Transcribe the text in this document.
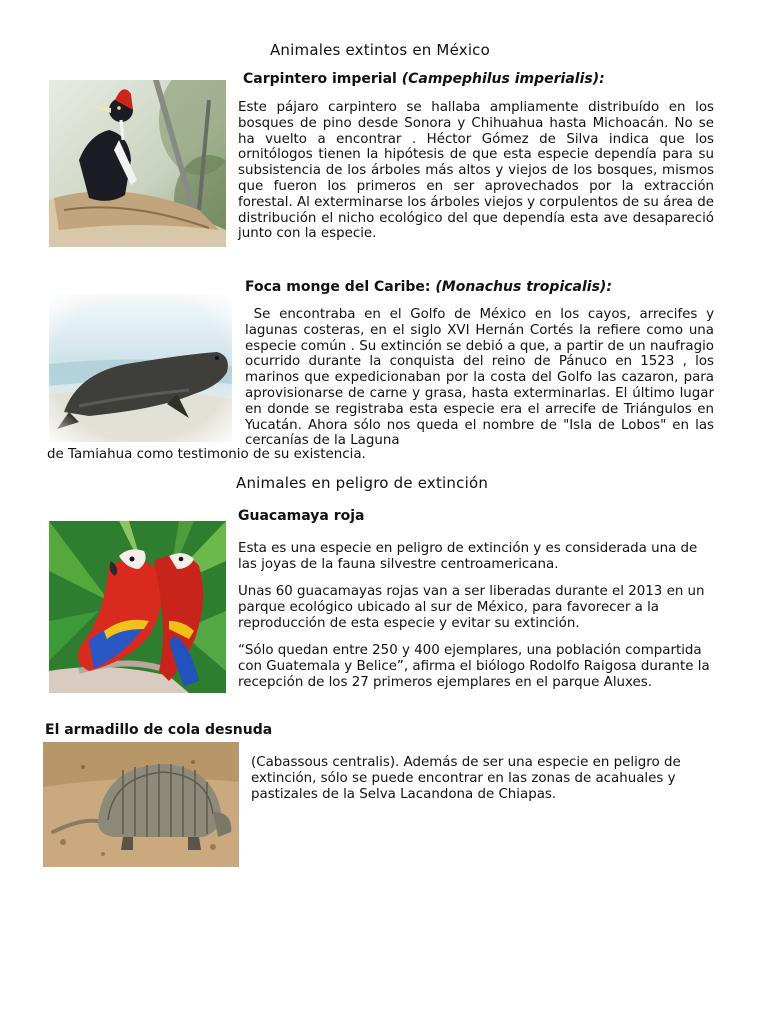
Animales extintos en México
Carpintero imperial (Campephilus imperialis):
Este pájaro carpintero se hallaba ampliamente distribuído en los bosques de pino desde Sonora y Chihuahua hasta Michoacán. No se ha vuelto a encontrar . Héctor Gómez de Silva indica que los ornitólogos tienen la hipótesis de que esta especie dependía para su subsistencia de los árboles más altos y viejos de los bosques, mismos que fueron los primeros en ser aprovechados por la extracción forestal. Al exterminarse los árboles viejos y corpulentos de su área de distribución el nicho ecológico del que dependía esta ave desapareció junto con la especie.
Foca monge del Caribe: (Monachus tropicalis):
Se encontraba en el Golfo de México en los cayos, arrecifes y lagunas costeras, en el siglo XVI Hernán Cortés la refiere como una especie común . Su extinción se debió a que, a partir de un naufragio ocurrido durante la conquista del reino de Pánuco en 1523 , los marinos que expedicionaban por la costa del Golfo las cazaron, para aprovisionarse de carne y grasa, hasta exterminarlas. El último lugar en donde se registraba esta especie era el arrecife de Triángulos en Yucatán. Ahora sólo nos queda el nombre de "Isla de Lobos" en las cercanías de la Laguna
de Tamiahua como testimonio de su existencia.
Animales en peligro de extinción
Guacamaya roja
Esta es una especie en peligro de extinción y es considerada una de las joyas de la fauna silvestre centroamericana.
Unas 60 guacamayas rojas van a ser liberadas durante el 2013 en un parque ecológico ubicado al sur de México, para favorecer a la reproducción de esta especie y evitar su extinción.
“Sólo quedan entre 250 y 400 ejemplares, una población compartida con Guatemala y Belice”, afirma el biólogo Rodolfo Raigosa durante la recepción de los 27 primeros ejemplares en el parque Aluxes.
El armadillo de cola desnuda
(Cabassous centralis). Además de ser una especie en peligro de extinción, sólo se puede encontrar en las zonas de acahuales y pastizales de la Selva Lacandona de Chiapas.
